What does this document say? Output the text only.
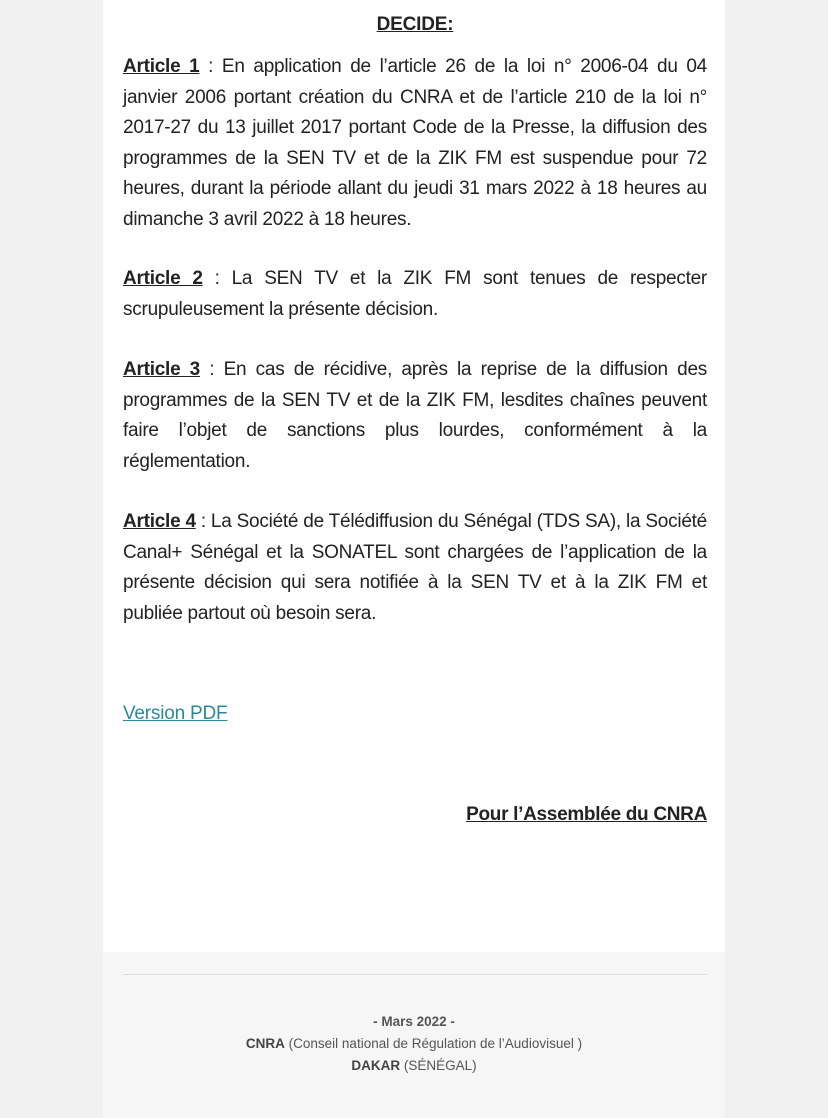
DECIDE:

Article 1 : En application de l’article 26 de la loi n° 2006-04 du 04 janvier 2006 portant création du CNRA et de l’article 210 de la loi n° 2017-27 du 13 juillet 2017 portant Code de la Presse, la diffusion des programmes de la SEN TV et de la ZIK FM est suspendue pour 72 heures, durant la période allant du jeudi 31 mars 2022 à 18 heures au dimanche 3 avril 2022 à 18 heures.

Article 2 : La SEN TV et la ZIK FM sont tenues de respecter scrupuleusement la présente décision.

Article 3 : En cas de récidive, après la reprise de la diffusion des programmes de la SEN TV et de la ZIK FM, lesdites chaînes peuvent faire l’objet de sanctions plus lourdes, conformément à la réglementation.

Article 4 : La Société de Télédiffusion du Sénégal (TDS SA), la Société Canal+ Sénégal et la SONATEL sont chargées de l’application de la présente décision qui sera notifiée à la SEN TV et à la ZIK FM et publiée partout où besoin sera.

Version PDF
Pour l’Assemblée du CNRA
- Mars 2022 -
CNRA (Conseil national de Régulation de l’Audiovisuel )
DAKAR (SÉNÉGAL)
